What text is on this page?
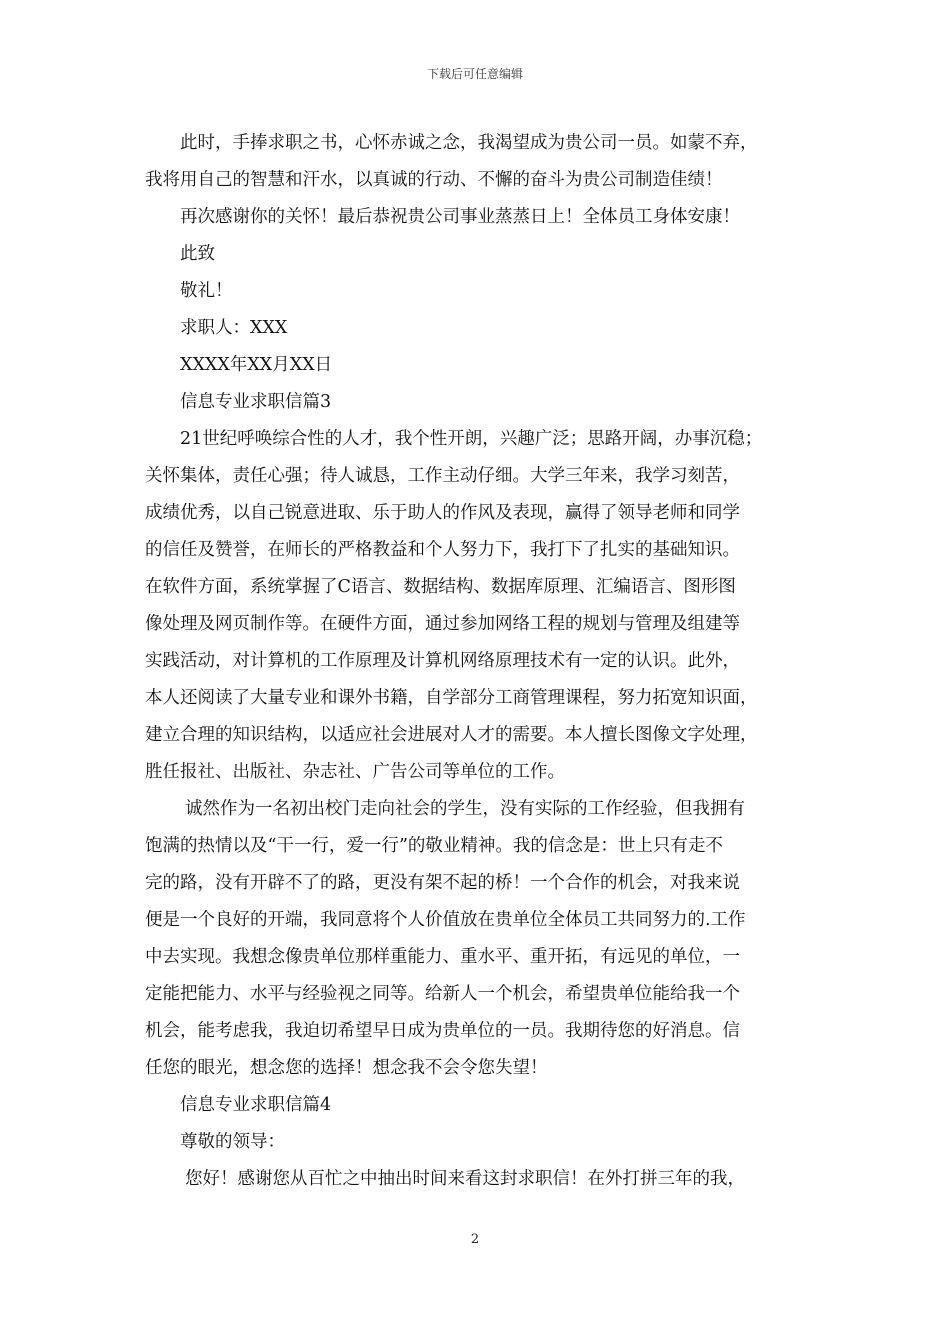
下载后可任意编辑
此时，手捧求职之书，心怀赤诚之念，我渴望成为贵公司一员。如蒙不弃，
我将用自己的智慧和汗水，以真诚的行动、不懈的奋斗为贵公司制造佳绩！
再次感谢你的关怀！最后恭祝贵公司事业蒸蒸日上！全体员工身体安康！
此致
敬礼！
求职人：XXX
XXXX年XX月XX日
信息专业求职信篇3
21世纪呼唤综合性的人才，我个性开朗，兴趣广泛；思路开阔，办事沉稳；
关怀集体，责任心强；待人诚恳，工作主动仔细。大学三年来，我学习刻苦，
成绩优秀，以自己锐意进取、乐于助人的作风及表现，赢得了领导老师和同学
的信任及赞誉，在师长的严格教益和个人努力下，我打下了扎实的基础知识。
在软件方面，系统掌握了C语言、数据结构、数据库原理、汇编语言、图形图
像处理及网页制作等。在硬件方面，通过参加网络工程的规划与管理及组建等
实践活动，对计算机的工作原理及计算机网络原理技术有一定的认识。此外，
本人还阅读了大量专业和课外书籍，自学部分工商管理课程，努力拓宽知识面，
建立合理的知识结构，以适应社会进展对人才的需要。本人擅长图像文字处理，
胜任报社、出版社、杂志社、广告公司等单位的工作。
诚然作为一名初出校门走向社会的学生，没有实际的工作经验，但我拥有
饱满的热情以及“干一行，爱一行”的敬业精神。我的信念是：世上只有走不
完的路，没有开辟不了的路，更没有架不起的桥！一个合作的机会，对我来说
便是一个良好的开端，我同意将个人价值放在贵单位全体员工共同努力的.工作
中去实现。我想念像贵单位那样重能力、重水平、重开拓，有远见的单位，一
定能把能力、水平与经验视之同等。给新人一个机会，希望贵单位能给我一个
机会，能考虑我，我迫切希望早日成为贵单位的一员。我期待您的好消息。信
任您的眼光，想念您的选择！想念我不会令您失望！
信息专业求职信篇4
尊敬的领导：
您好！感谢您从百忙之中抽出时间来看这封求职信！在外打拼三年的我，
2
